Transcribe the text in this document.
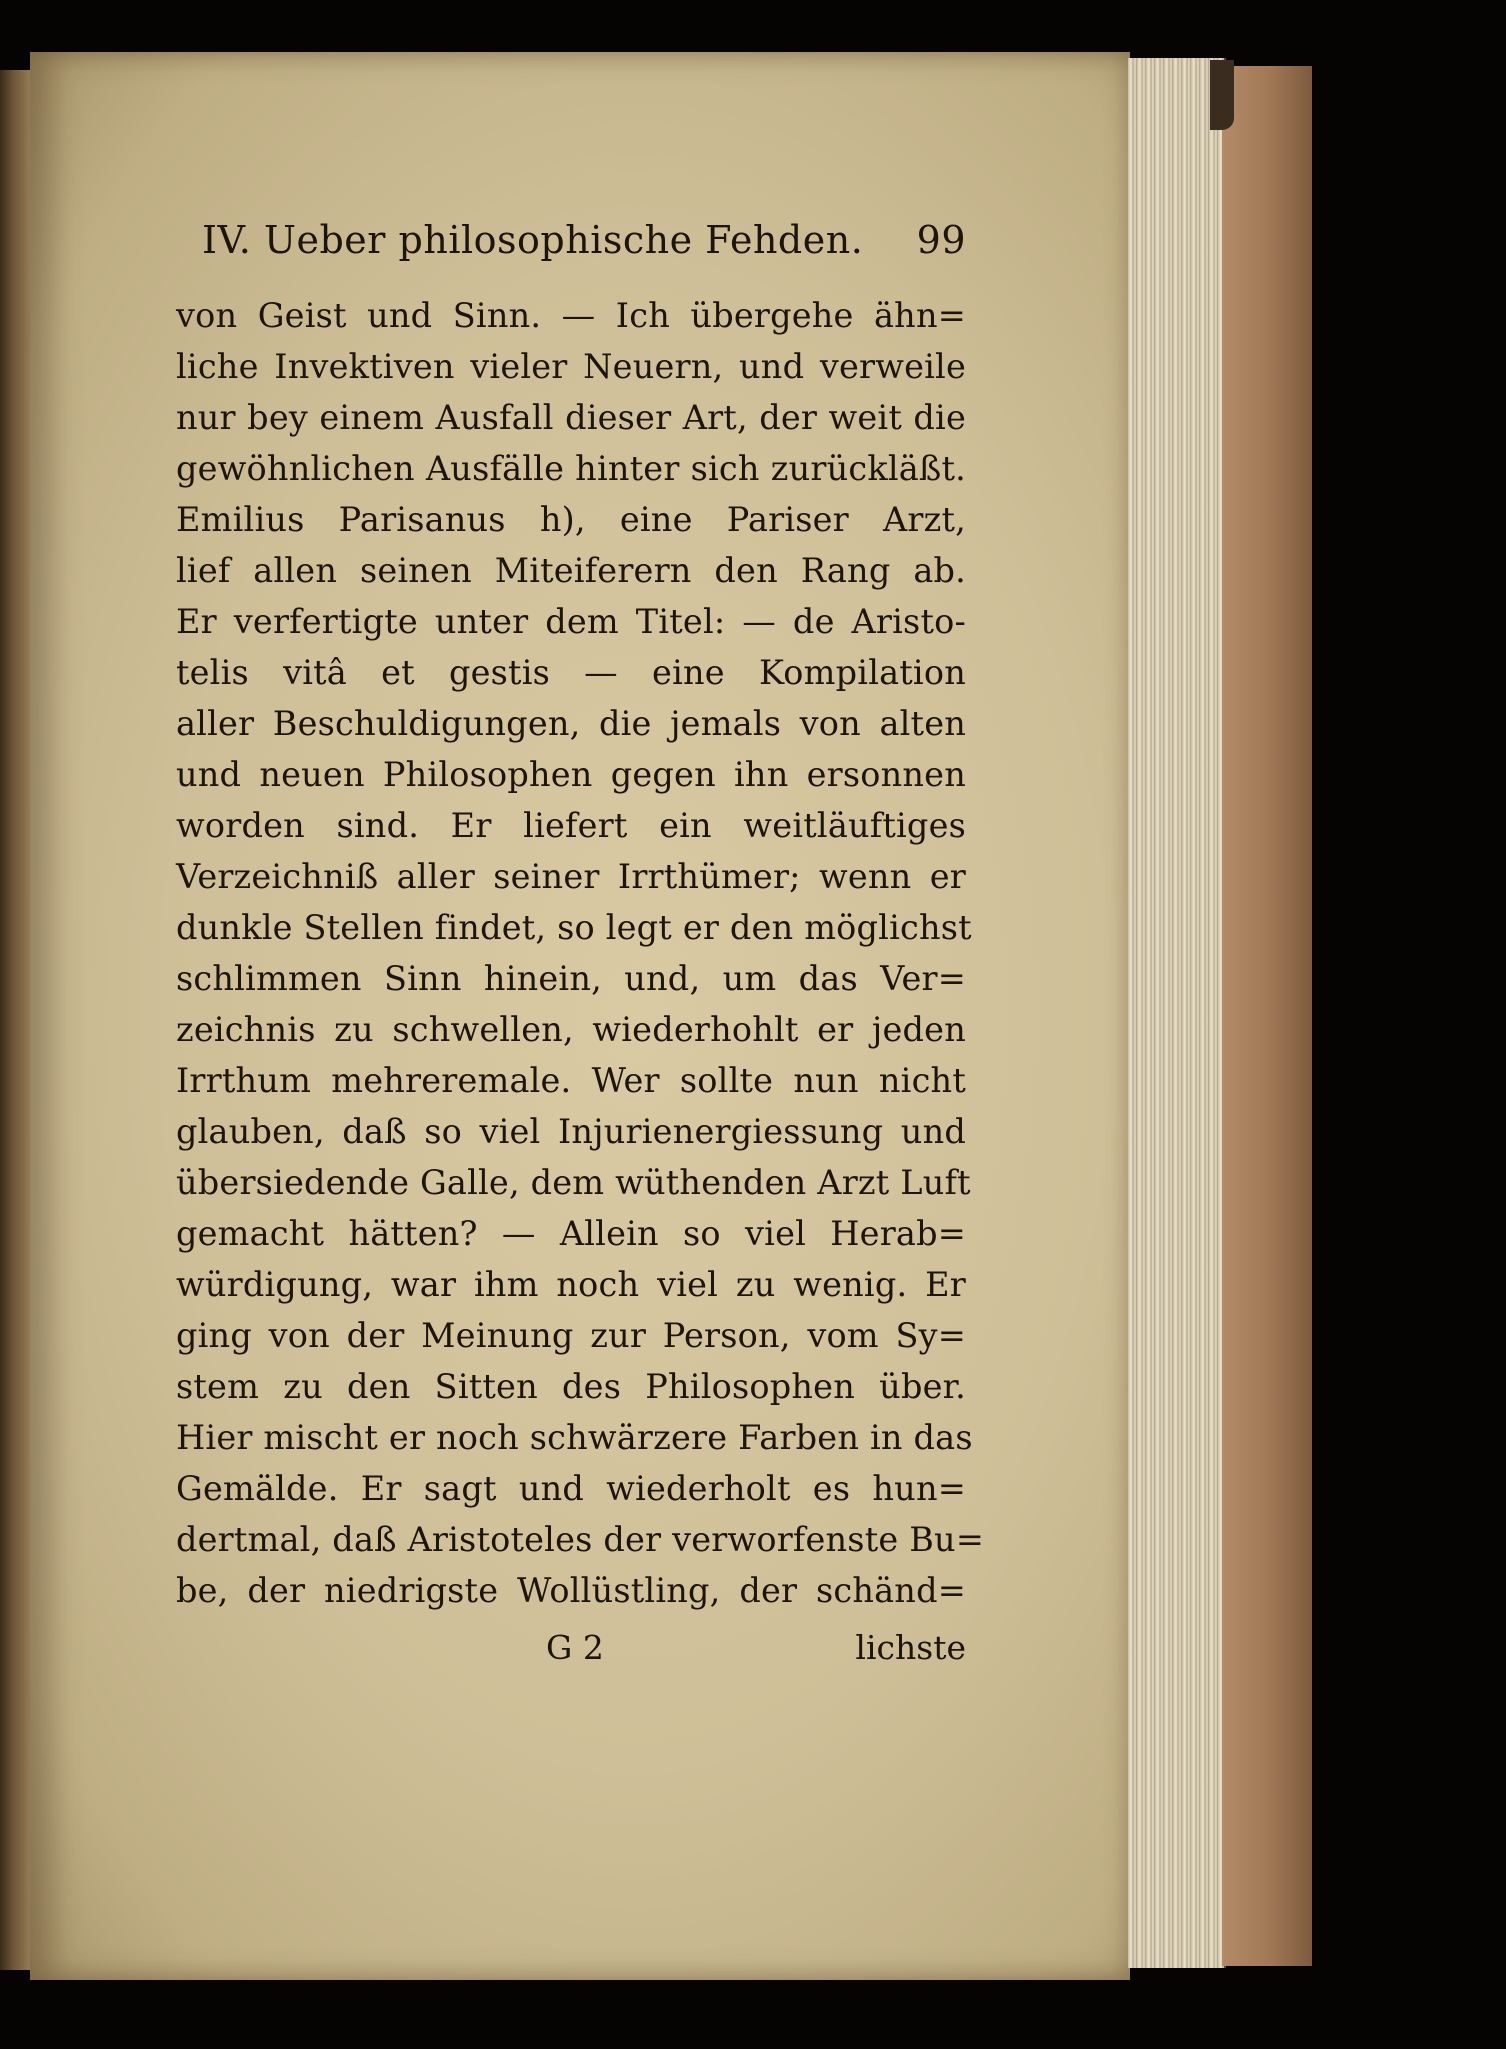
IV. Ueber philosophische Fehden. 99
von Geist und Sinn. — Ich übergehe ähn=
liche Invektiven vieler Neuern, und verweile
nur bey einem Ausfall dieser Art, der weit die
gewöhnlichen Ausfälle hinter sich zurückläßt.
Emilius Parisanus h), eine Pariser Arzt,
lief allen seinen Miteiferern den Rang ab.
Er verfertigte unter dem Titel: — de Aristo-
telis vitâ et gestis — eine Kompilation
aller Beschuldigungen, die jemals von alten
und neuen Philosophen gegen ihn ersonnen
worden sind. Er liefert ein weitläuftiges
Verzeichniß aller seiner Irrthümer; wenn er
dunkle Stellen findet, so legt er den möglichst
schlimmen Sinn hinein, und, um das Ver=
zeichnis zu schwellen, wiederhohlt er jeden
Irrthum mehreremale. Wer sollte nun nicht
glauben, daß so viel Injurienergiessung und
übersiedende Galle, dem wüthenden Arzt Luft
gemacht hätten? — Allein so viel Herab=
würdigung, war ihm noch viel zu wenig. Er
ging von der Meinung zur Person, vom Sy=
stem zu den Sitten des Philosophen über.
Hier mischt er noch schwärzere Farben in das
Gemälde. Er sagt und wiederholt es hun=
dertmal, daß Aristoteles der verworfenste Bu=
be, der niedrigste Wollüstling, der schänd=
G 2	lichste
